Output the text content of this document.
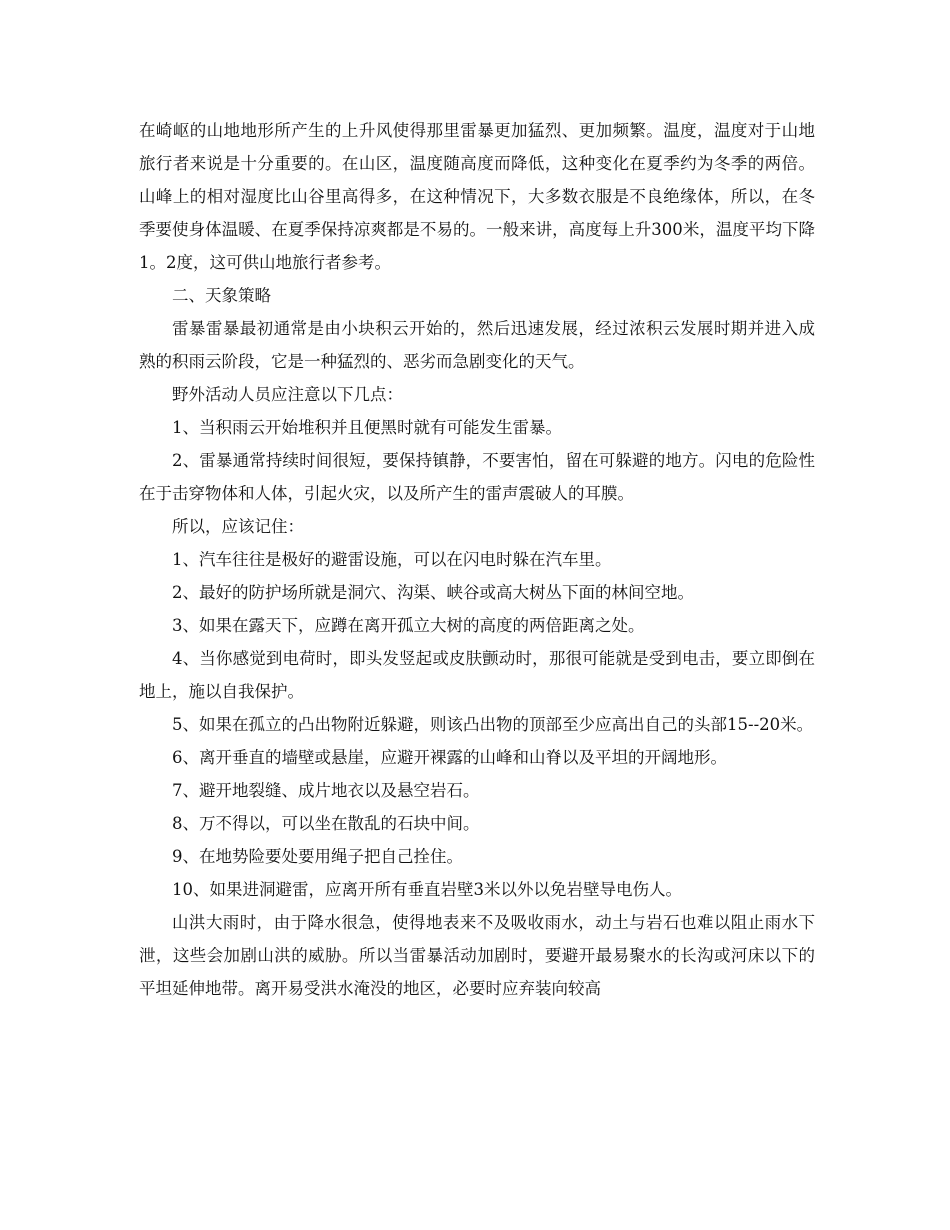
在崎岖的山地地形所产生的上升风使得那里雷暴更加猛烈、更加频繁。温度，温度对于山地旅行者来说是十分重要的。在山区，温度随高度而降低，这种变化在夏季约为冬季的两倍。山峰上的相对湿度比山谷里高得多，在这种情况下，大多数衣服是不良绝缘体，所以，在冬季要使身体温暖、在夏季保持凉爽都是不易的。一般来讲，高度每上升300米，温度平均下降1。2度，这可供山地旅行者参考。

二、天象策略

雷暴雷暴最初通常是由小块积云开始的，然后迅速发展，经过浓积云发展时期并进入成熟的积雨云阶段，它是一种猛烈的、恶劣而急剧变化的天气。

野外活动人员应注意以下几点：

1、当积雨云开始堆积并且便黑时就有可能发生雷暴。

2、雷暴通常持续时间很短，要保持镇静，不要害怕，留在可躲避的地方。闪电的危险性在于击穿物体和人体，引起火灾，以及所产生的雷声震破人的耳膜。

所以，应该记住：

1、汽车往往是极好的避雷设施，可以在闪电时躲在汽车里。

2、最好的防护场所就是洞穴、沟渠、峡谷或高大树丛下面的林间空地。

3、如果在露天下，应蹲在离开孤立大树的高度的两倍距离之处。

4、当你感觉到电荷时，即头发竖起或皮肤颤动时，那很可能就是受到电击，要立即倒在地上，施以自我保护。

5、如果在孤立的凸出物附近躲避，则该凸出物的顶部至少应高出自己的头部15--20米。

6、离开垂直的墙壁或悬崖，应避开裸露的山峰和山脊以及平坦的开阔地形。

7、避开地裂缝、成片地衣以及悬空岩石。

8、万不得以，可以坐在散乱的石块中间。

9、在地势险要处要用绳子把自己拴住。

10、如果进洞避雷，应离开所有垂直岩壁3米以外以免岩壁导电伤人。

山洪大雨时，由于降水很急，使得地表来不及吸收雨水，动土与岩石也难以阻止雨水下泄，这些会加剧山洪的威胁。所以当雷暴活动加剧时，要避开最易聚水的长沟或河床以下的平坦延伸地带。离开易受洪水淹没的地区，必要时应弃装向较高
